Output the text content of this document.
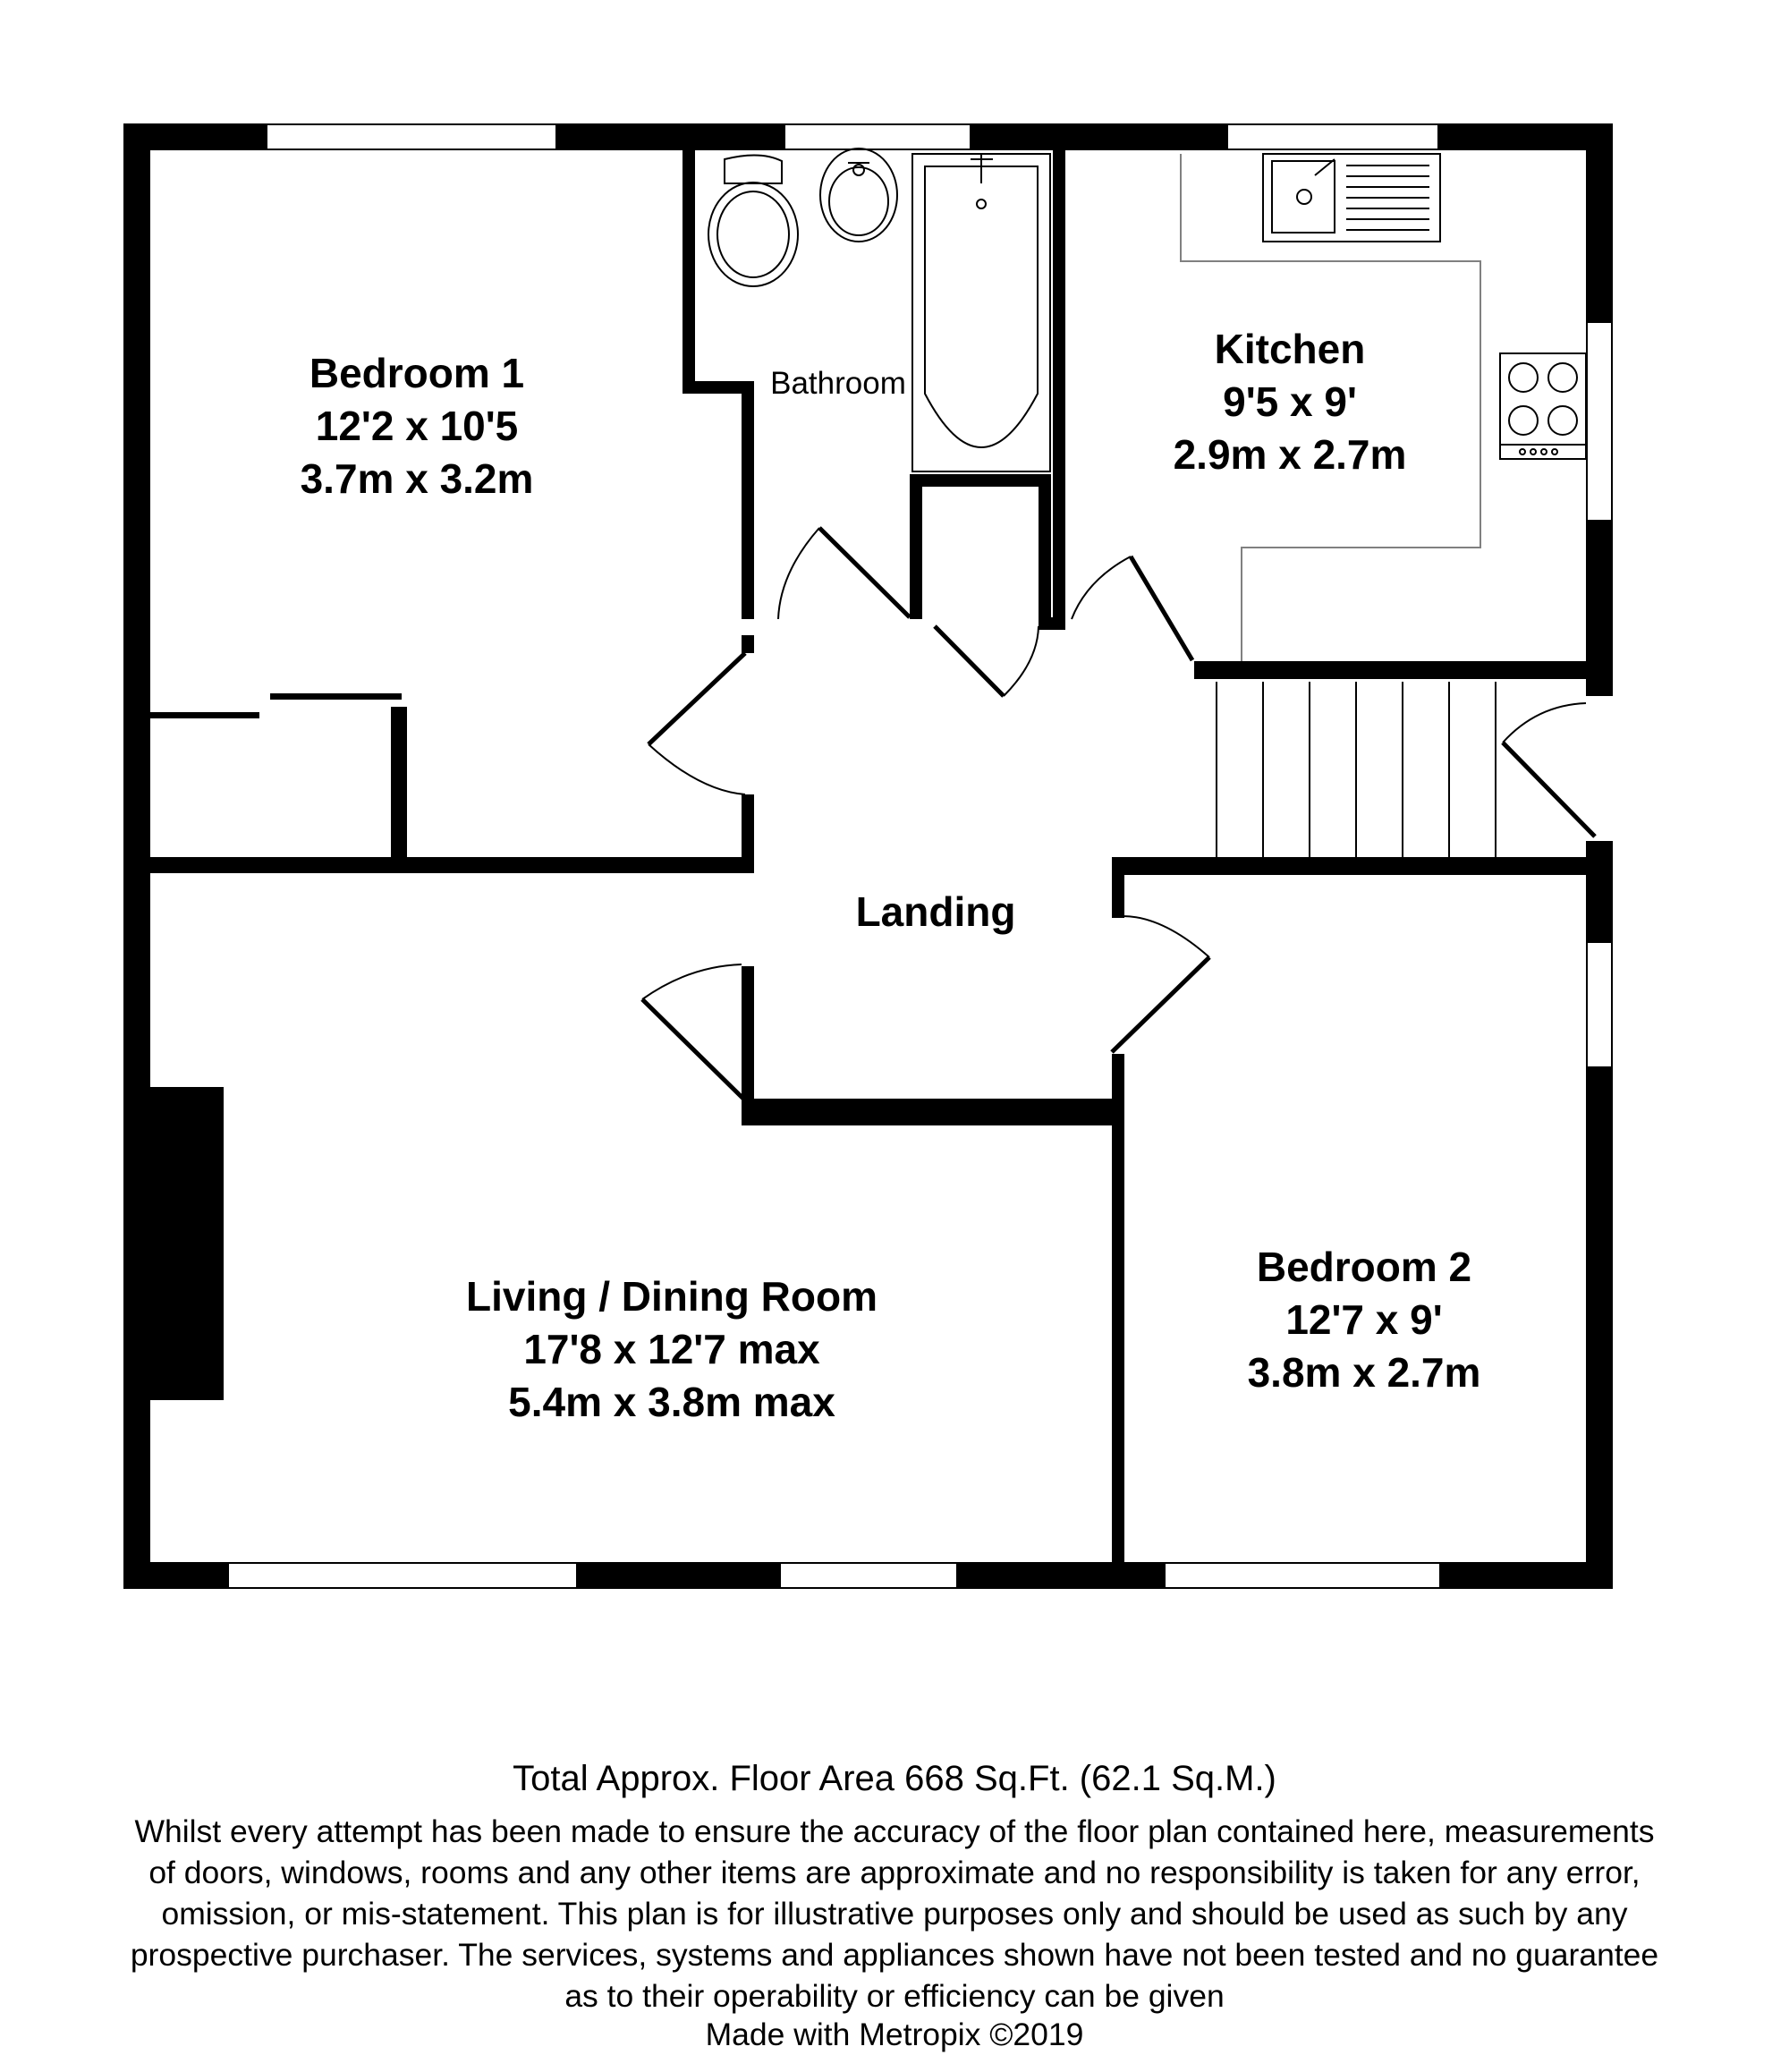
Bedroom 1
12'2 x 10'5
3.7m x 3.2m
Bathroom
Kitchen
9'5 x 9'
2.9m x 2.7m
Landing
Living / Dining Room
17'8 x 12'7 max
5.4m x 3.8m max
Bedroom 2
12'7 x 9'
3.8m x 2.7m
Total Approx. Floor Area 668 Sq.Ft. (62.1 Sq.M.)
Whilst every attempt has been made to ensure the accuracy of the floor plan contained here, measurements
of doors, windows, rooms and any other items are approximate and no responsibility is taken for any error,
omission, or mis-statement. This plan is for illustrative purposes only and should be used as such by any
prospective purchaser. The services, systems and appliances shown have not been tested and no guarantee
as to their operability or efficiency can be given
Made with Metropix ©2019
